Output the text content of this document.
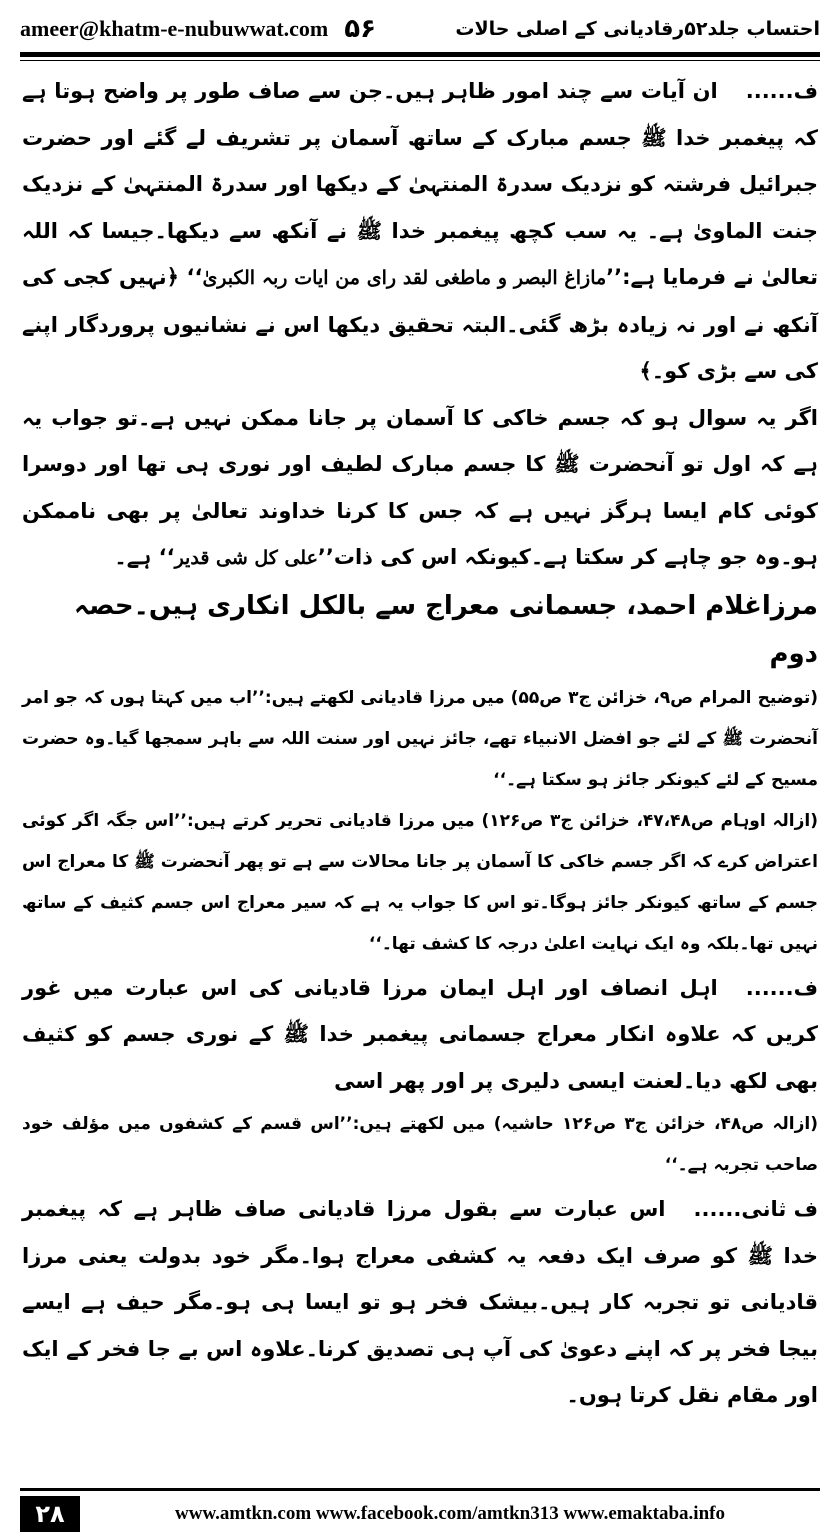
ameer@khatm-e-nubuwwat.com ۵۶	احتساب جلد۵۲رقادیانی کے اصلی حالات

ف......ان آیات سے چند امور ظاہر ہیں۔جن سے صاف طور پر واضح ہوتا ہے کہ پیغمبر خدا ﷺ جسم مبارک کے ساتھ آسمان پر تشریف لے گئے اور حضرت جبرائیل فرشتہ کو نزدیک سدرۃ المنتہیٰ کے دیکھا اور سدرۃ المنتہیٰ کے نزدیک جنت الماویٰ ہے۔ یہ سب کچھ پیغمبر خدا ﷺ نے آنکھ سے دیکھا۔جیسا کہ اللہ تعالیٰ نے فرمایا ہے:’’مازاغ البصر و ماطغی لقد رای من ایات ربہ الکبریٰ‘‘ ﴿نہیں کجی کی آنکھ نے اور نہ زیادہ بڑھ گئی۔البتہ تحقیق دیکھا اس نے نشانیوں پروردگار اپنے کی سے بڑی کو۔﴾

اگر یہ سوال ہو کہ جسم خاکی کا آسمان پر جانا ممکن نہیں ہے۔تو جواب یہ ہے کہ اول تو آنحضرت ﷺ کا جسم مبارک لطیف اور نوری ہی تھا اور دوسرا کوئی کام ایسا ہرگز نہیں ہے کہ جس کا کرنا خداوند تعالیٰ پر بھی ناممکن ہو۔وہ جو چاہے کر سکتا ہے۔کیونکہ اس کی ذات’’علی کل شی قدیر‘‘ ہے۔

مرزاغلام احمد، جسمانی معراج سے بالکل انکاری ہیں۔حصہ دوم

(توضیح المرام ص۹، خزائن ج۳ ص۵۵) میں مرزا قادیانی لکھتے ہیں:’’اب میں کہتا ہوں کہ جو امر آنحضرت ﷺ کے لئے جو افضل الانبیاء تھے، جائز نہیں اور سنت اللہ سے باہر سمجھا گیا۔وہ حضرت مسیح کے لئے کیونکر جائز ہو سکتا ہے۔‘‘

(ازالہ اوہام ص۴۷،۴۸، خزائن ج۳ ص۱۲۶) میں مرزا قادیانی تحریر کرتے ہیں:’’اس جگہ اگر کوئی اعتراض کرے کہ اگر جسم خاکی کا آسمان پر جانا محالات سے ہے تو پھر آنحضرت ﷺ کا معراج اس جسم کے ساتھ کیونکر جائز ہوگا۔تو اس کا جواب یہ ہے کہ سیر معراج اس جسم کثیف کے ساتھ نہیں تھا۔بلکہ وہ ایک نہایت اعلیٰ درجہ کا کشف تھا۔‘‘

ف......اہل انصاف اور اہل ایمان مرزا قادیانی کی اس عبارت میں غور کریں کہ علاوہ انکار معراج جسمانی پیغمبر خدا ﷺ کے نوری جسم کو کثیف بھی لکھ دیا۔لعنت ایسی دلیری پر اور پھر اسی

(ازالہ ص۴۸، خزائن ج۳ ص۱۲۶ حاشیہ) میں لکھتے ہیں:’’اس قسم کے کشفوں میں مؤلف خود صاحب تجربہ ہے۔‘‘

ف ثانی......اس عبارت سے بقول مرزا قادیانی صاف ظاہر ہے کہ پیغمبر خدا ﷺ کو صرف ایک دفعہ یہ کشفی معراج ہوا۔مگر خود بدولت یعنی مرزا قادیانی تو تجربہ کار ہیں۔بیشک فخر ہو تو ایسا ہی ہو۔مگر حیف ہے ایسے بیجا فخر پر کہ اپنے دعویٰ کی آپ ہی تصدیق کرنا۔علاوہ اس بے جا فخر کے ایک اور مقام نقل کرتا ہوں۔

۲۸	www.amtkn.com www.facebook.com/amtkn313 www.emaktaba.info
